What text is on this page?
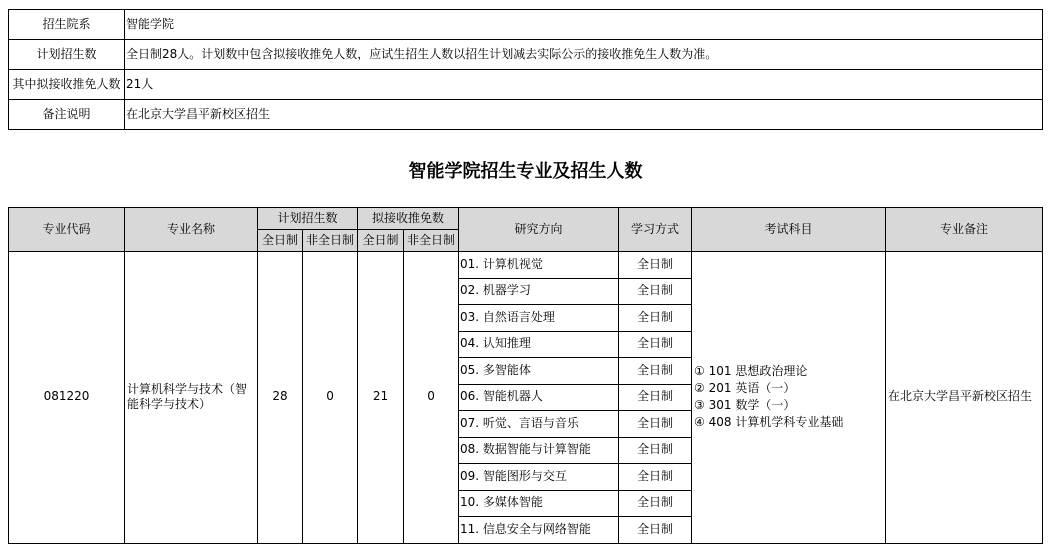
招生院系	智能学院
计划招生数	全日制28人。计划数中包含拟接收推免人数，应试生招生人数以招生计划减去实际公示的接收推免生人数为准。
其中拟接收推免人数	21人
备注说明	在北京大学昌平新校区招生
智能学院招生专业及招生人数
专业代码	专业名称	计划招生数		拟接收推免数		研究方向	学习方式	考试科目	专业备注
		全日制	非全日制	全日制	非全日制				
081220	计算机科学与技术（智能科学与技术）	28	0	21	0	01. 计算机视觉	全日制	① 101 思想政治理论
② 201 英语（一）
③ 301 数学（一）
④ 408 计算机学科专业基础	在北京大学昌平新校区招生
						02. 机器学习	全日制		
						03. 自然语言处理	全日制		
						04. 认知推理	全日制		
						05. 多智能体	全日制		
						06. 智能机器人	全日制		
						07. 听觉、言语与音乐	全日制		
						08. 数据智能与计算智能	全日制		
						09. 智能图形与交互	全日制		
						10. 多媒体智能	全日制		
						11. 信息安全与网络智能	全日制		
